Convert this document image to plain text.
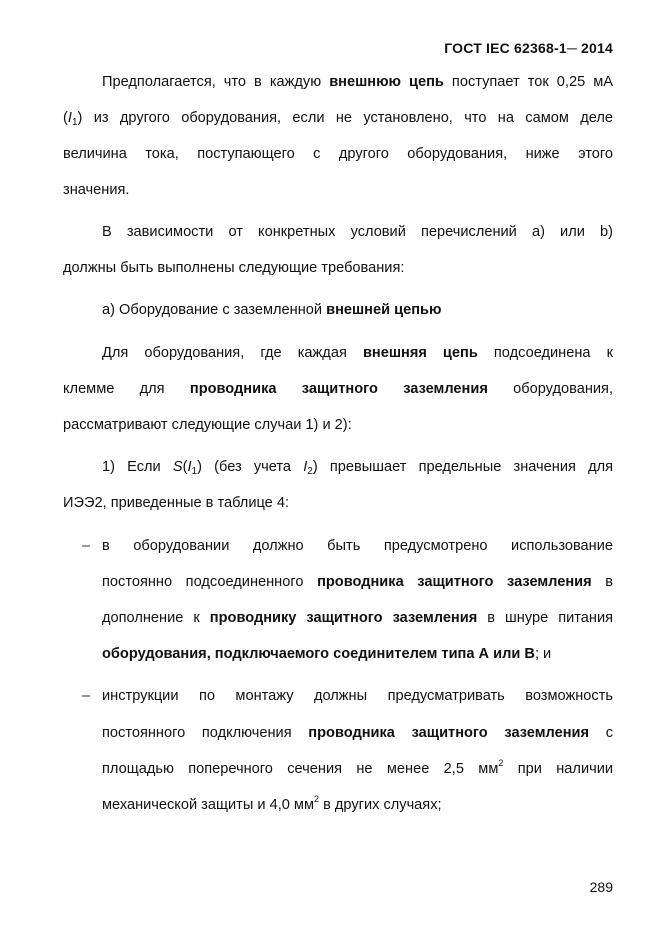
ГОСТ IEC 62368-1─ 2014
Предполагается, что в каждую внешнюю цепь поступает ток 0,25 мА
$(I_1)$ из другого оборудования, если не установлено, что на самом деле
величина тока, поступающего с другого оборудования, ниже этого
значения.
В зависимости от конкретных условий перечислений а) или b)
должны быть выполнены следующие требования:
а) Оборудование с заземленной внешней цепью
Для оборудования, где каждая внешняя цепь подсоединена к
клемме для проводника защитного заземления оборудования,
рассматривают следующие случаи 1) и 2):
1) Если $S(I_1)$ (без учета $I_2$) превышает предельные значения для
ИЭЭ2, приведенные в таблице 4:
– в оборудовании должно быть предусмотрено использование
постоянно подсоединенного проводника защитного заземления в
дополнение к проводнику защитного заземления в шнуре питания
оборудования, подключаемого соединителем типа А или В; и
– инструкции по монтажу должны предусматривать возможность
постоянного подключения проводника защитного заземления с
площадью поперечного сечения не менее 2,5 $мм^2$ при наличии
механической защиты и 4,0 $мм^2$ в других случаях;
289
